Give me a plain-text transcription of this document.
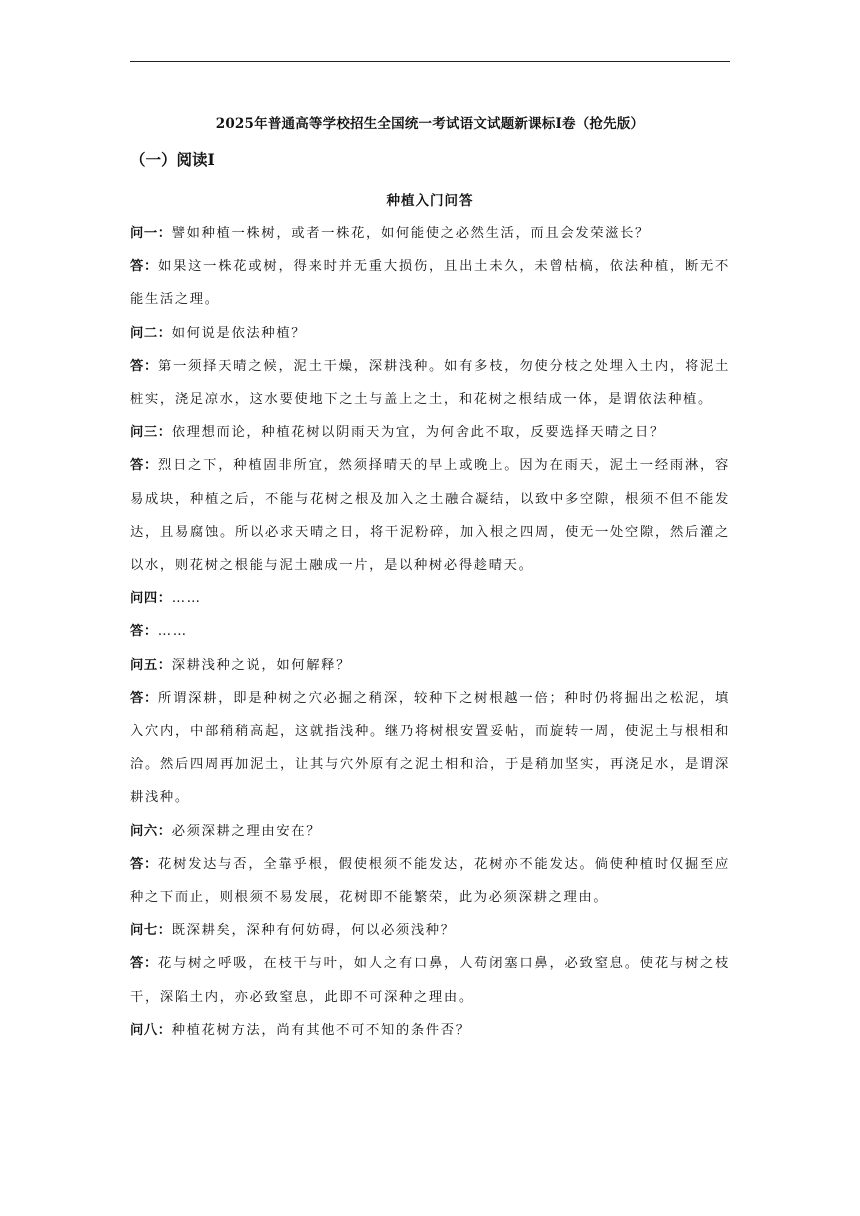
2025年普通高等学校招生全国统一考试语文试题新课标Ⅰ卷（抢先版）
（一）阅读Ⅰ
种植入门问答

问一：譬如种植一株树，或者一株花，如何能使之必然生活，而且会发荣滋长？

答：如果这一株花或树，得来时并无重大损伤，且出土未久，未曾枯槁，依法种植，断无不能生活之理。

问二：如何说是依法种植？

答：第一须择天晴之候，泥土干燥，深耕浅种。如有多枝，勿使分枝之处埋入土内，将泥土桩实，浇足凉水，这水要使地下之土与盖上之土，和花树之根结成一体，是谓依法种植。

问三：依理想而论，种植花树以阴雨天为宜，为何舍此不取，反要选择天晴之日？

答：烈日之下，种植固非所宜，然须择晴天的早上或晚上。因为在雨天，泥土一经雨淋，容易成块，种植之后，不能与花树之根及加入之土融合凝结，以致中多空隙，根须不但不能发达，且易腐蚀。所以必求天晴之日，将干泥粉碎，加入根之四周，使无一处空隙，然后灌之以水，则花树之根能与泥土融成一片，是以种树必得趁晴天。

问四：……

答：……

问五：深耕浅种之说，如何解释？

答：所谓深耕，即是种树之穴必掘之稍深，较种下之树根越一倍；种时仍将掘出之松泥，填入穴内，中部稍稍高起，这就指浅种。继乃将树根安置妥帖，而旋转一周，使泥土与根相和洽。然后四周再加泥土，让其与穴外原有之泥土相和洽，于是稍加坚实，再浇足水，是谓深耕浅种。

问六：必须深耕之理由安在？

答：花树发达与否，全靠乎根，假使根须不能发达，花树亦不能发达。倘使种植时仅掘至应种之下而止，则根须不易发展，花树即不能繁荣，此为必须深耕之理由。

问七：既深耕矣，深种有何妨碍，何以必须浅种？

答：花与树之呼吸，在枝干与叶，如人之有口鼻，人苟闭塞口鼻，必致窒息。使花与树之枝干，深陷土内，亦必致窒息，此即不可深种之理由。

问八：种植花树方法，尚有其他不可不知的条件否？
